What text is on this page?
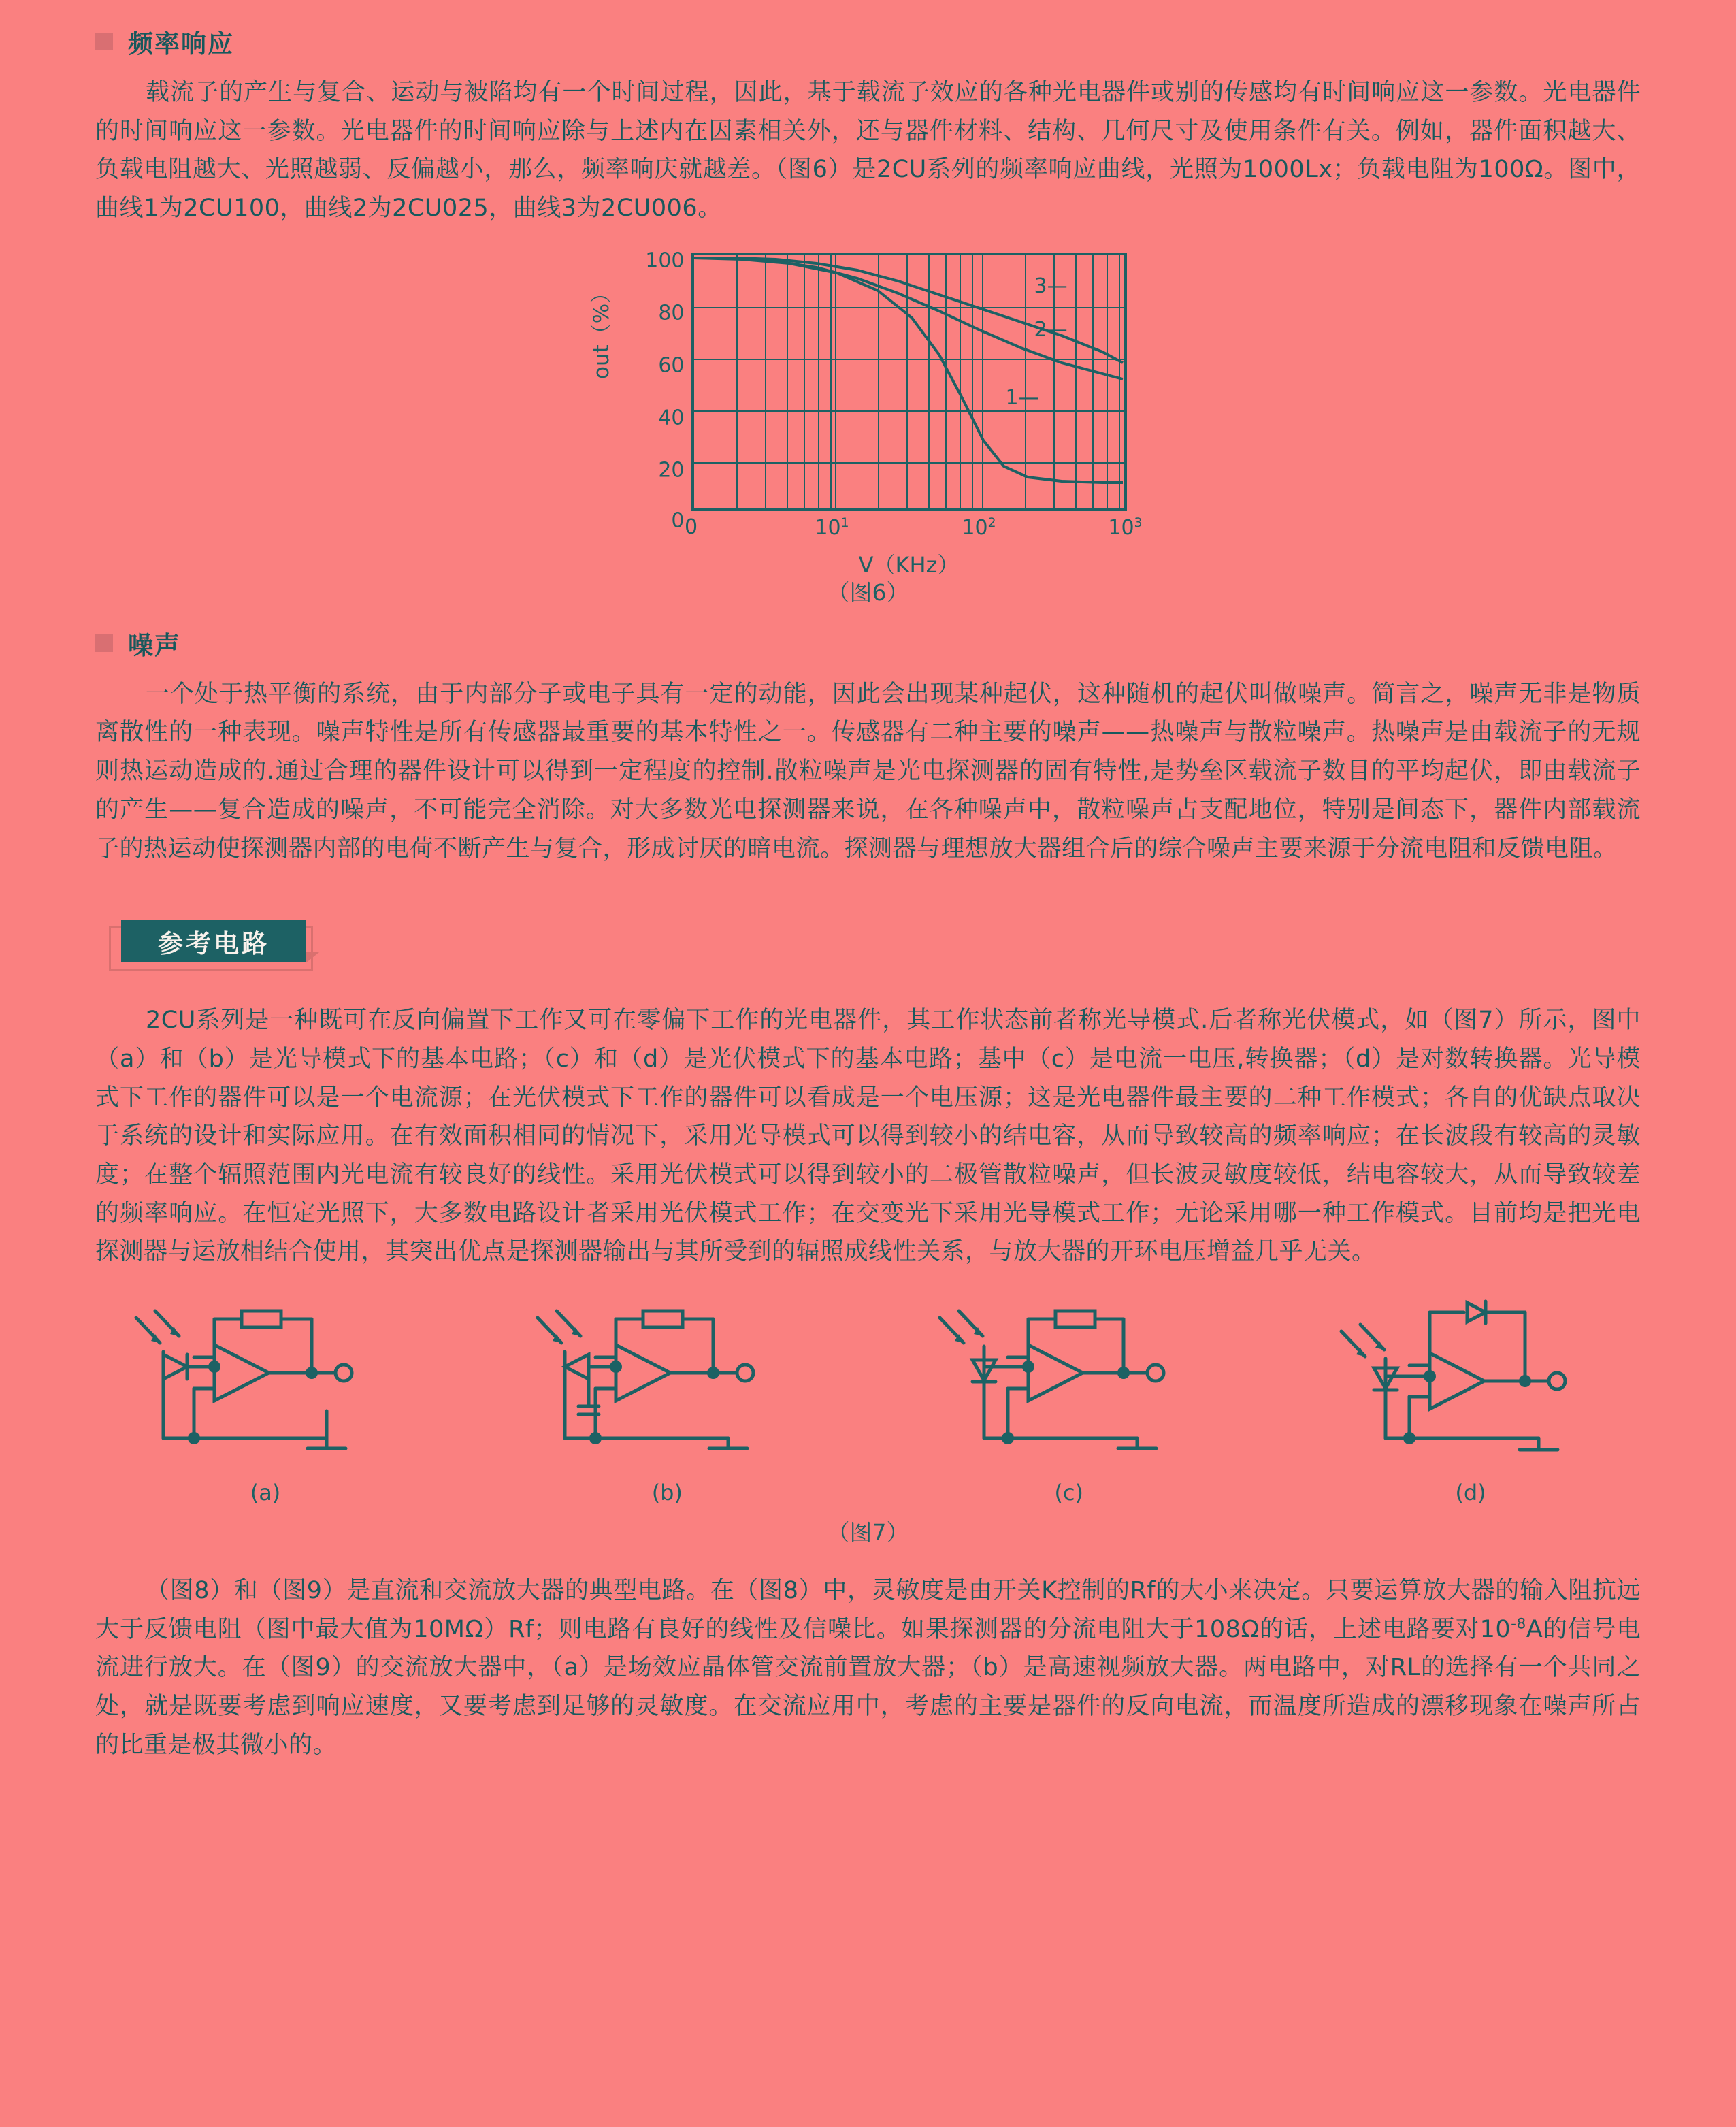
频率响应

载流子的产生与复合、运动与被陷均有一个时间过程，因此，基于载流子效应的各种光电器件或别的传感均有时间响应这一参数。光电器件的时间响应这一参数。光电器件的时间响应除与上述内在因素相关外，还与器件材料、结构、几何尺寸及使用条件有关。例如，器件面积越大、负载电阻越大、光照越弱、反偏越小，那么，频率响庆就越差。（图6）是2CU系列的频率响应曲线，光照为1000Lx；负载电阻为100Ω。图中，曲线1为2CU100，曲线2为2CU025，曲线3为2CU006。

out（%）
0
20
40
60
80
100
0	$10^1$	$10^2$	$10^3$
V（KHz）
3—
2—
1—
（图6）
噪声

一个处于热平衡的系统，由于内部分子或电子具有一定的动能，因此会出现某种起伏，这种随机的起伏叫做噪声。简言之，噪声无非是物质离散性的一种表现。噪声特性是所有传感器最重要的基本特性之一。传感器有二种主要的噪声——热噪声与散粒噪声。热噪声是由载流子的无规则热运动造成的.通过合理的器件设计可以得到一定程度的控制.散粒噪声是光电探测器的固有特性,是势垒区载流子数目的平均起伏，即由载流子的产生——复合造成的噪声，不可能完全消除。对大多数光电探测器来说，在各种噪声中，散粒噪声占支配地位，特别是间态下，器件内部载流子的热运动使探测器内部的电荷不断产生与复合，形成讨厌的暗电流。探测器与理想放大器组合后的综合噪声主要来源于分流电阻和反馈电阻。

参考电路

2CU系列是一种既可在反向偏置下工作又可在零偏下工作的光电器件，其工作状态前者称光导模式.后者称光伏模式，如（图7）所示，图中（a）和（b）是光导模式下的基本电路；（c）和（d）是光伏模式下的基本电路；基中（c）是电流一电压,转换器；（d）是对数转换器。光导模式下工作的器件可以是一个电流源；在光伏模式下工作的器件可以看成是一个电压源；这是光电器件最主要的二种工作模式；各自的优缺点取决于系统的设计和实际应用。在有效面积相同的情况下，采用光导模式可以得到较小的结电容，从而导致较高的频率响应；在长波段有较高的灵敏度；在整个辐照范围内光电流有较良好的线性。采用光伏模式可以得到较小的二极管散粒噪声，但长波灵敏度较低，结电容较大，从而导致较差的频率响应。在恒定光照下，大多数电路设计者采用光伏模式工作；在交变光下采用光导模式工作；无论采用哪一种工作模式。目前均是把光电探测器与运放相结合使用，其突出优点是探测器输出与其所受到的辐照成线性关系，与放大器的开环电压增益几乎无关。

(a)	(b)	(c)	(d)
（图7）

（图8）和（图9）是直流和交流放大器的典型电路。在（图8）中，灵敏度是由开关K控制的Rf的大小来决定。只要运算放大器的输入阻抗远大于反馈电阻（图中最大值为10MΩ）Rf；则电路有良好的线性及信噪比。如果探测器的分流电阻大于108Ω的话，上述电路要对$10^{-8}A$的信号电流进行放大。在（图9）的交流放大器中，（a）是场效应晶体管交流前置放大器；（b）是高速视频放大器。两电路中，对RL的选择有一个共同之处，就是既要考虑到响应速度，又要考虑到足够的灵敏度。在交流应用中，考虑的主要是器件的反向电流，而温度所造成的漂移现象在噪声所占的比重是极其微小的。
